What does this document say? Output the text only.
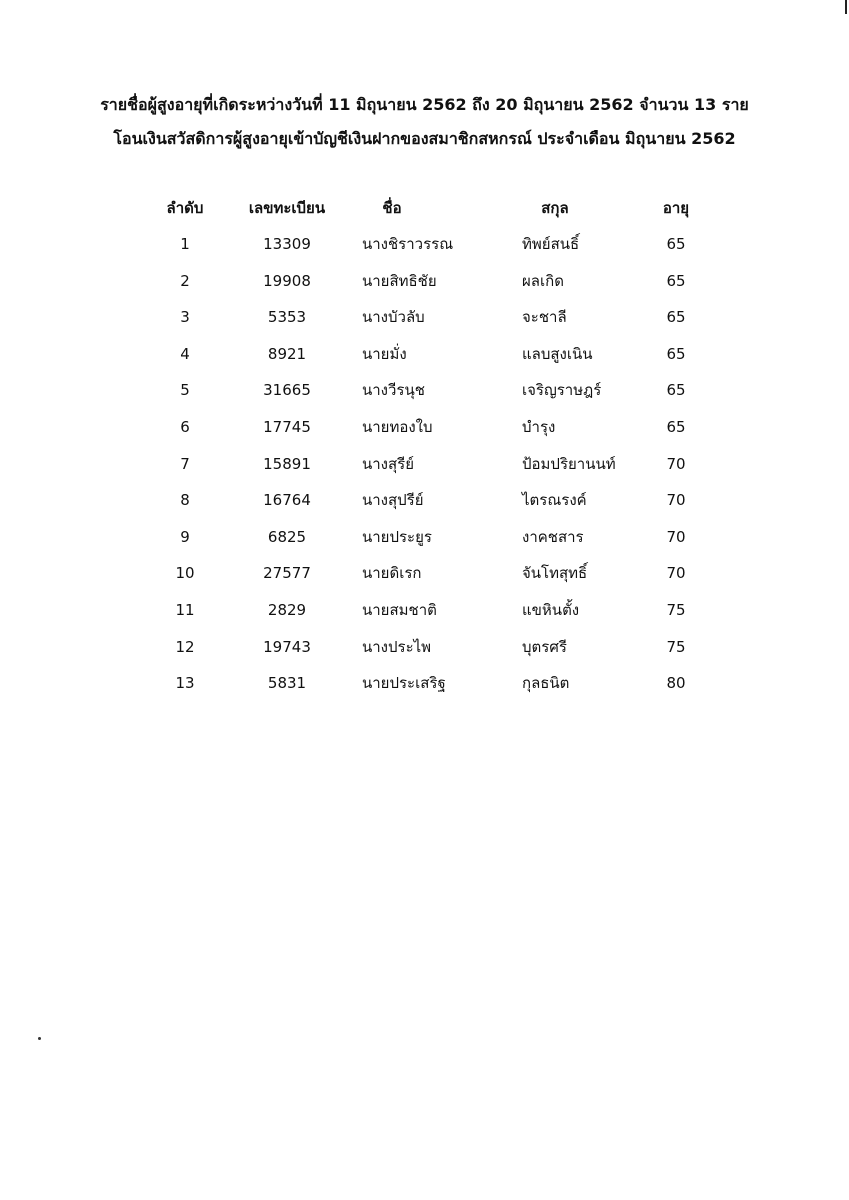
รายชื่อผู้สูงอายุที่เกิดระหว่างวันที่ 11 มิถุนายน 2562 ถึง 20 มิถุนายน 2562 จำนวน 13 ราย
โอนเงินสวัสดิการผู้สูงอายุเข้าบัญชีเงินฝากของสมาชิกสหกรณ์ ประจำเดือน มิถุนายน 2562
ลำดับ	เลขทะเบียน	ชื่อ	สกุล	อายุ
1	13309	นางชิราวรรณ	ทิพย์สนธิ์	65
2	19908	นายสิทธิชัย	ผลเกิด	65
3	5353	นางบัวลับ	จะชาลี	65
4	8921	นายมั่ง	แลบสูงเนิน	65
5	31665	นางวีรนุช	เจริญราษฎร์	65
6	17745	นายทองใบ	บำรุง	65
7	15891	นางสุรีย์	ป้อมปริยานนท์	70
8	16764	นางสุปรีย์	ไตรณรงค์	70
9	6825	นายประยูร	งาคชสาร	70
10	27577	นายดิเรก	จันโทสุทธิ์	70
11	2829	นายสมชาติ	แขหินตั้ง	75
12	19743	นางประไพ	บุตรศรี	75
13	5831	นายประเสริฐ	กุลธนิต	80
